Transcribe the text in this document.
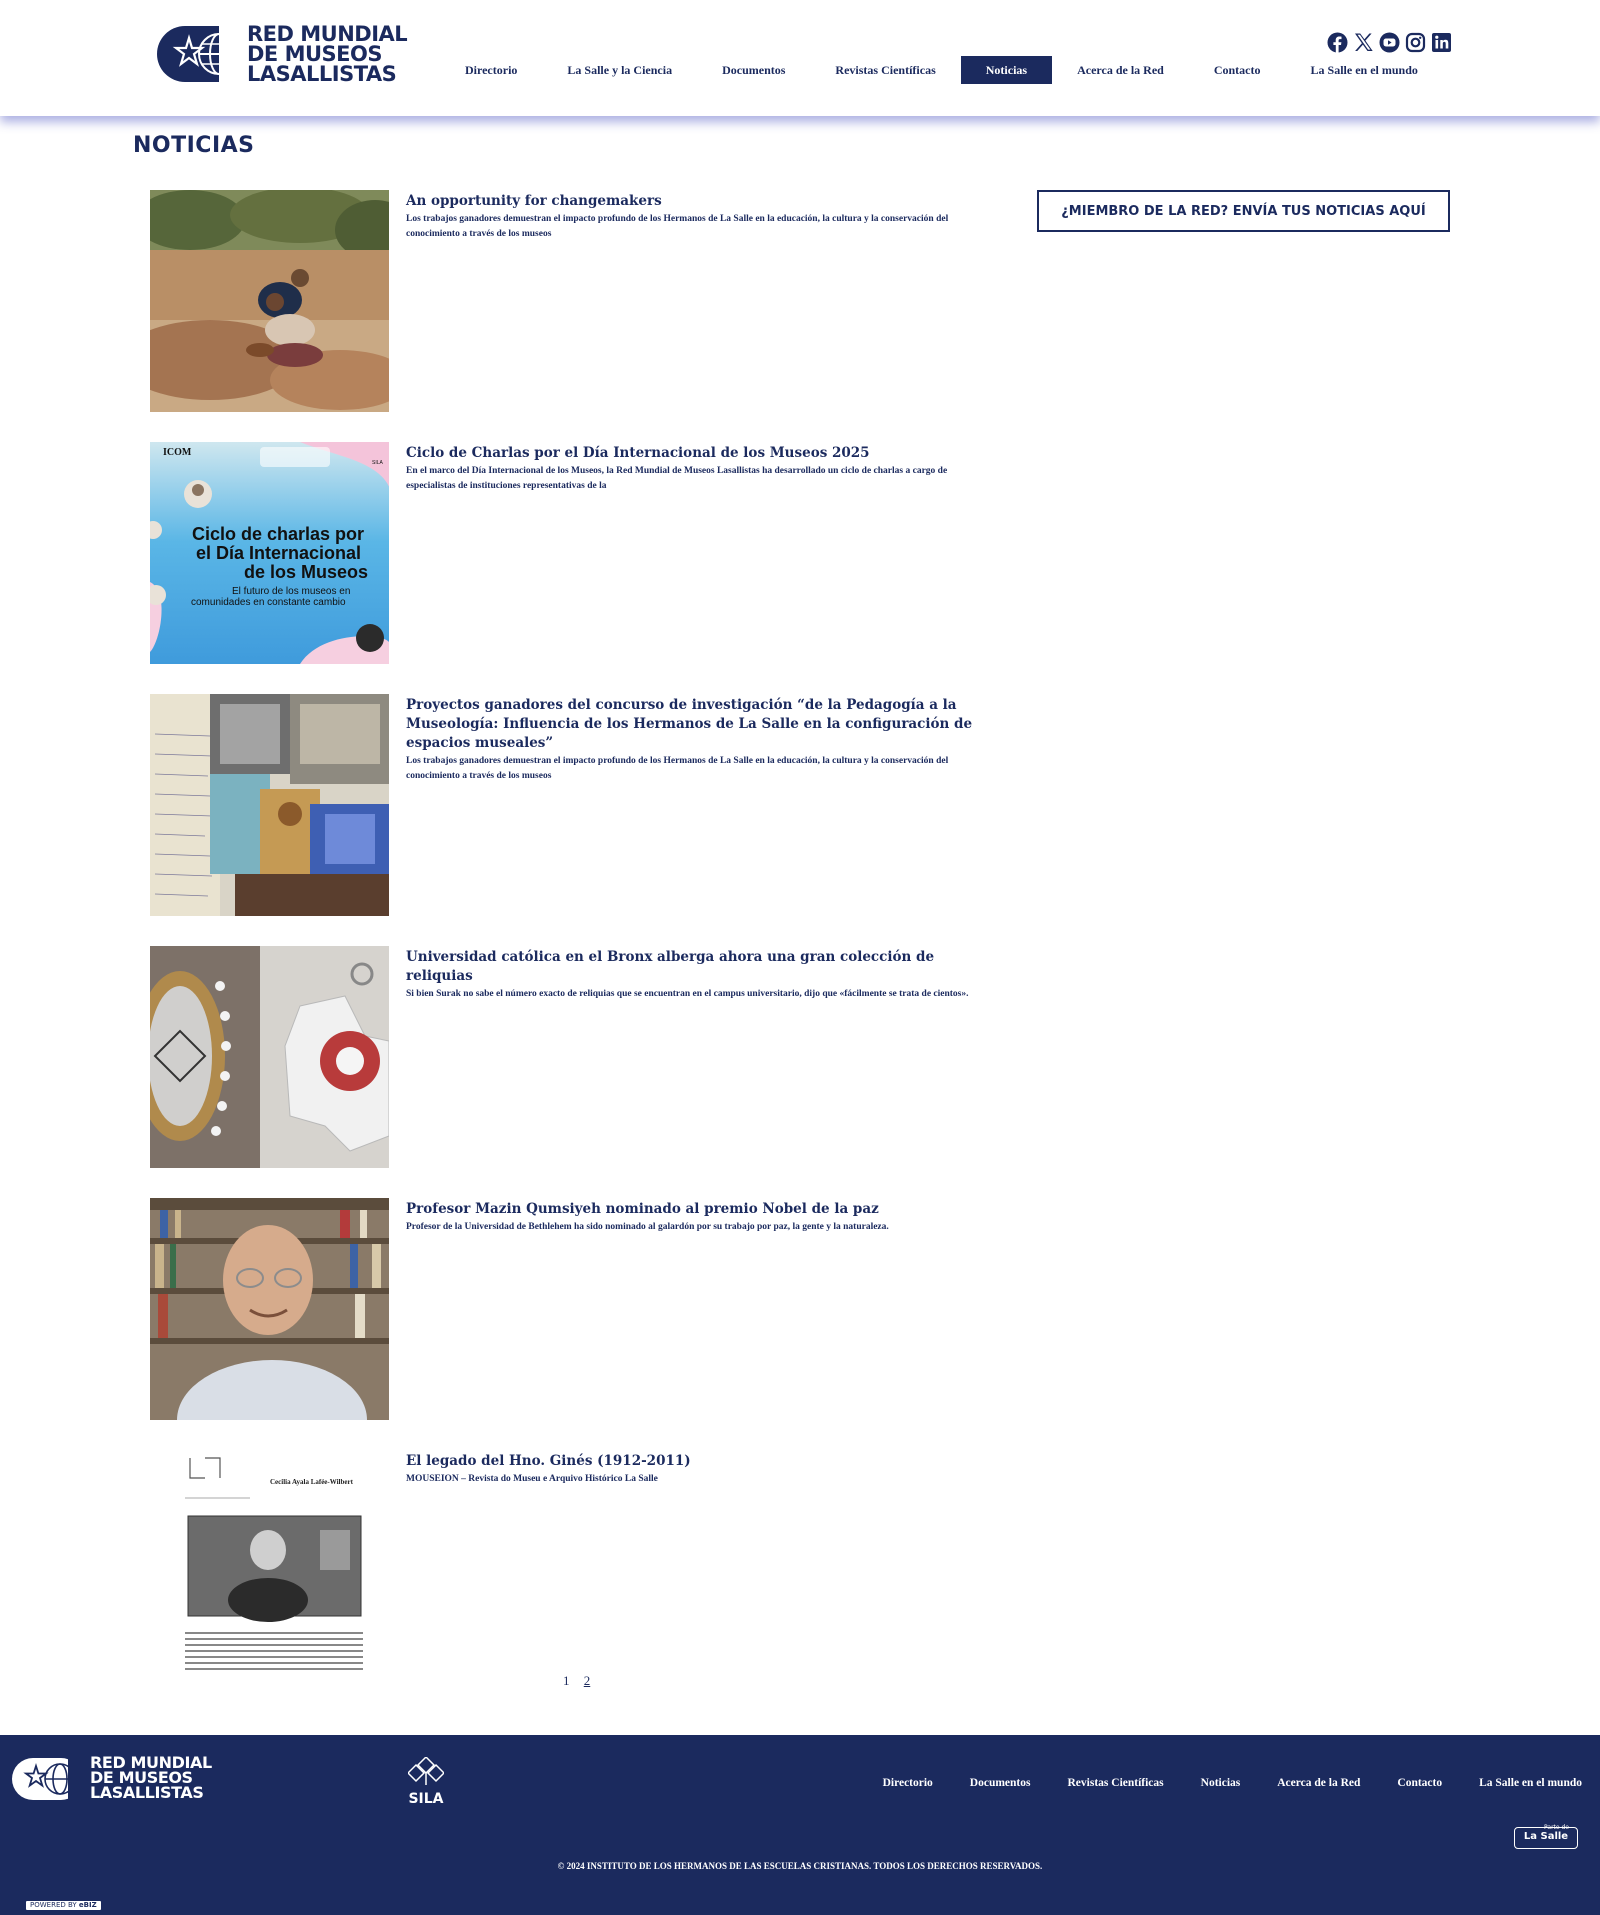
RED MUNDIAL
DE MUSEOS
LASALLISTAS	Directorio	La Salle y la Ciencia	Documentos	Revistas Científicas	Noticias	Acerca de la Red	Contacto	La Salle en el mundo
NOTICIAS
¿MIEMBRO DE LA RED? ENVÍA TUS NOTICIAS AQUÍ
An opportunity for changemakers
Los trabajos ganadores demuestran el impacto profundo de los Hermanos de La Salle en la educación, la cultura y la conservación del conocimiento a través de los museos
ICOM
SILA
Ciclo de charlas por
el Día Internacional
de los Museos
El futuro de los museos en
comunidades en constante cambio
Ciclo de Charlas por el Día Internacional de los Museos 2025
En el marco del Día Internacional de los Museos, la Red Mundial de Museos Lasallistas ha desarrollado un ciclo de charlas a cargo de especialistas de instituciones representativas de la
Proyectos ganadores del concurso de investigación “de la Pedagogía a la Museología: Influencia de los Hermanos de La Salle en la configuración de espacios museales”
Los trabajos ganadores demuestran el impacto profundo de los Hermanos de La Salle en la educación, la cultura y la conservación del conocimiento a través de los museos
Universidad católica en el Bronx alberga ahora una gran colección de reliquias
Si bien Surak no sabe el número exacto de reliquias que se encuentran en el campus universitario, dijo que «fácilmente se trata de cientos».
Profesor Mazin Qumsiyeh nominado al premio Nobel de la paz
Profesor de la Universidad de Bethlehem ha sido nominado al galardón por su trabajo por paz, la gente y la naturaleza.
Cecilia Ayala Lafée-Wilbert
El legado del Hno. Ginés (1912-2011)
MOUSEION – Revista do Museu e Arquivo Histórico La Salle
1 2
RED MUNDIAL
DE MUSEOS
LASALLISTAS	SILA
Directorio	Documentos	Revistas Científicas	Noticias	Acerca de la Red	Contacto	La Salle en el mundo
Parte de
La Salle
© 2024 INSTITUTO DE LOS HERMANOS DE LAS ESCUELAS CRISTIANAS. TODOS LOS DERECHOS RESERVADOS.
POWERED BY eBIZ
